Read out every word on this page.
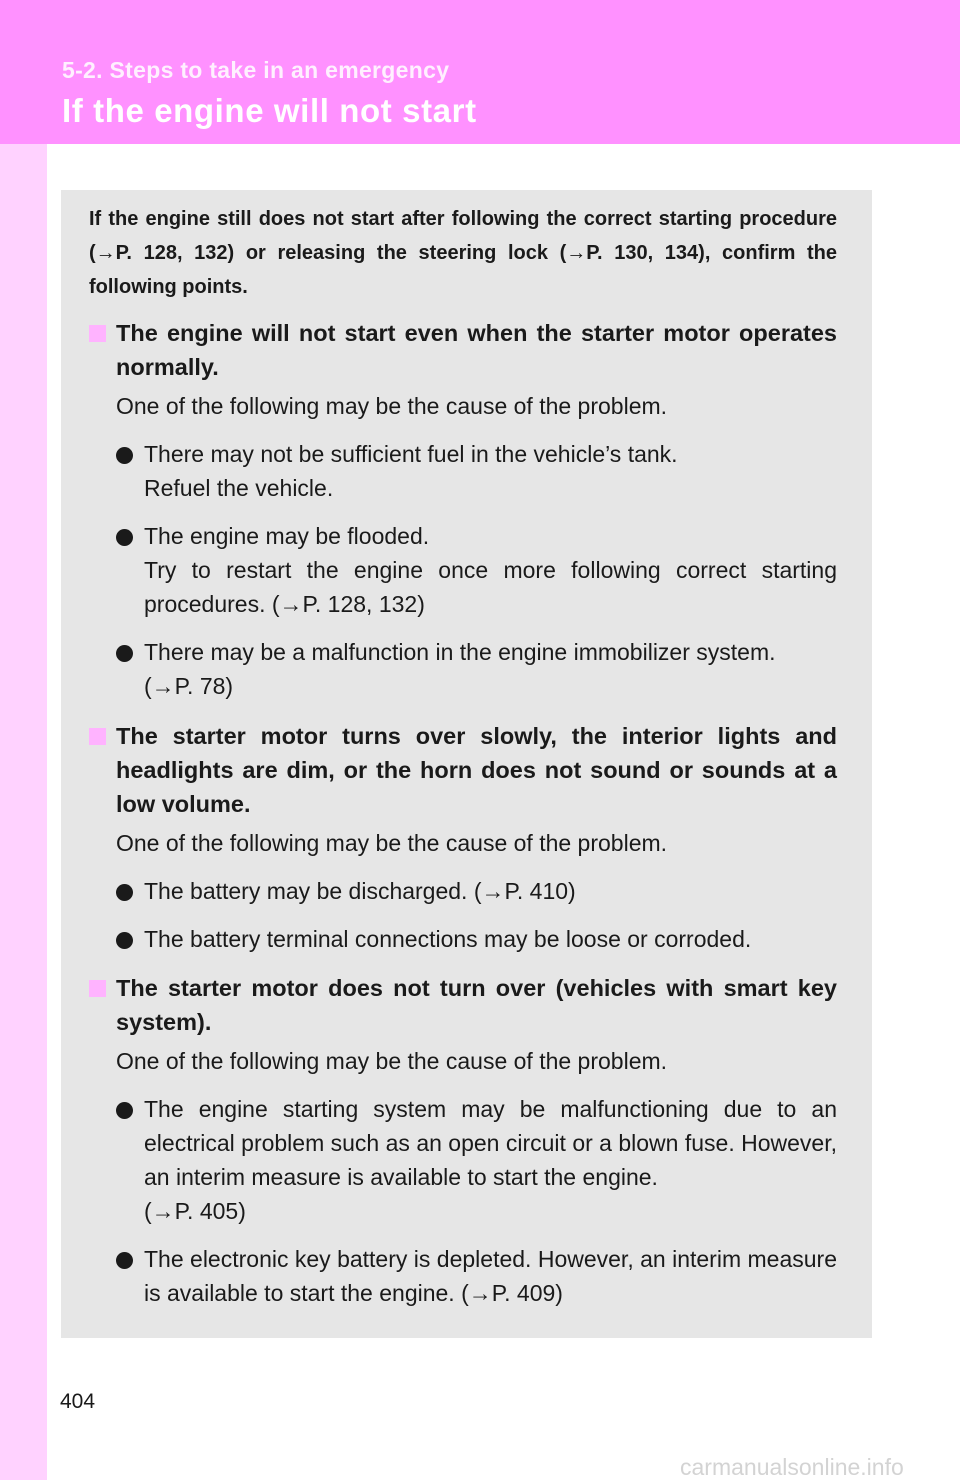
5-2. Steps to take in an emergency
If the engine will not start
If the engine still does not start after following the correct starting procedure (→P. 128, 132) or releasing the steering lock (→P. 130, 134), confirm the following points.
The engine will not start even when the starter motor operates normally.
One of the following may be the cause of the problem.

There may not be sufficient fuel in the vehicle’s tank.

Refuel the vehicle.

The engine may be flooded.

Try to restart the engine once more following correct starting procedures. (→P. 128, 132)

There may be a malfunction in the engine immobilizer system.

(→P. 78)

The starter motor turns over slowly, the interior lights and headlights are dim, or the horn does not sound or sounds at a low volume.
One of the following may be the cause of the problem.

The battery may be discharged. (→P. 410)

The battery terminal connections may be loose or corroded.

The starter motor does not turn over (vehicles with smart key system).
One of the following may be the cause of the problem.

The engine starting system may be malfunctioning due to an electrical problem such as an open circuit or a blown fuse. However, an interim measure is available to start the engine.

(→P. 405)

The electronic key battery is depleted. However, an interim measure is available to start the engine. (→P. 409)

404
carmanualsonline.info
